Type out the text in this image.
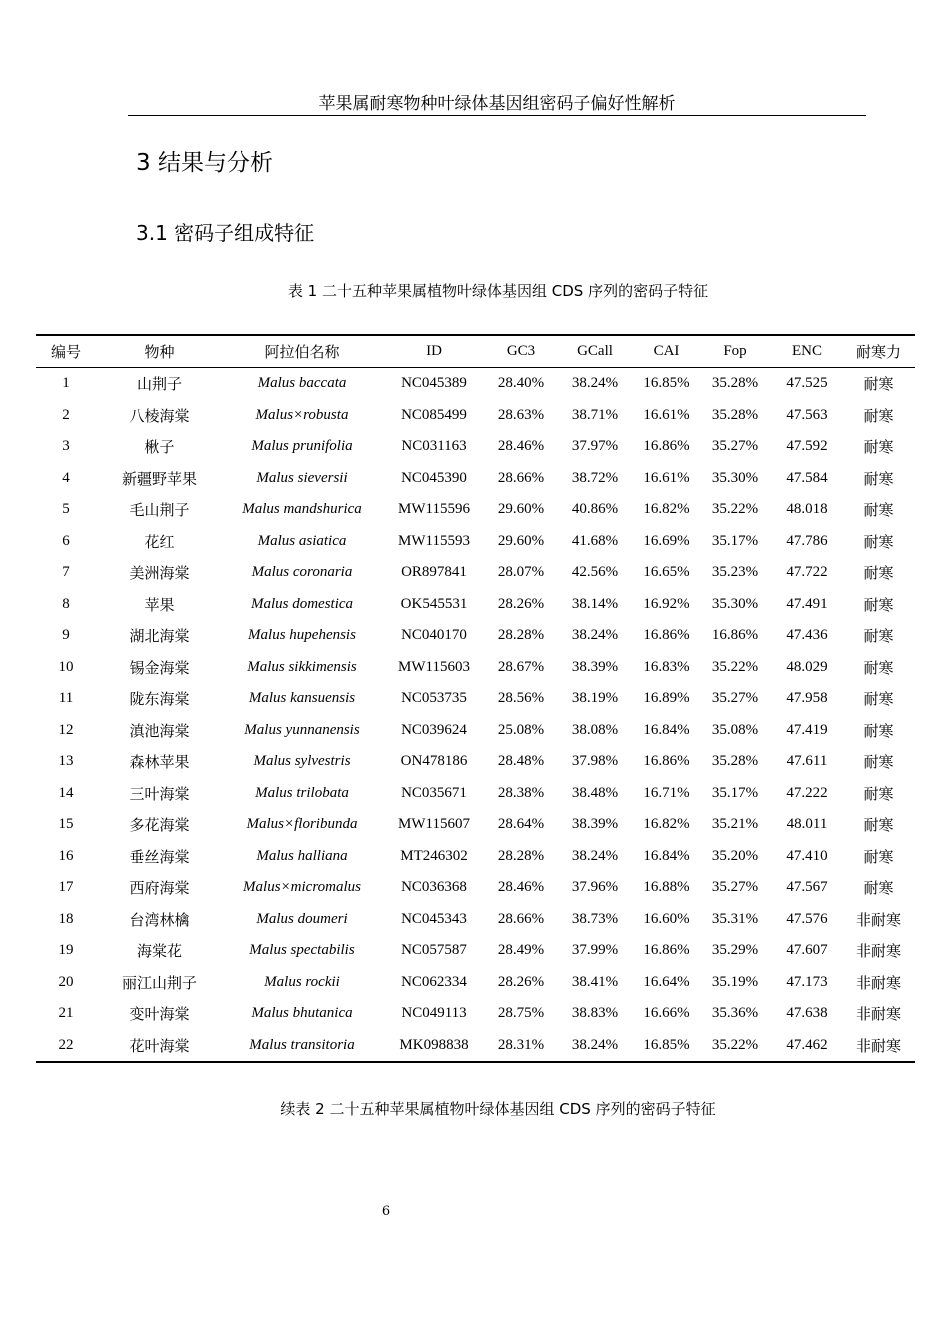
苹果属耐寒物种叶绿体基因组密码子偏好性解析
3 结果与分析
3.1 密码子组成特征
表 1 二十五种苹果属植物叶绿体基因组 CDS 序列的密码子特征
编号	物种	阿拉伯名称	ID	GC3	GCall	CAI	Fop	ENC	耐寒力
1	山荆子	Malus baccata	NC045389	28.40%	38.24%	16.85%	35.28%	47.525	耐寒
2	八棱海棠	Malus×robusta	NC085499	28.63%	38.71%	16.61%	35.28%	47.563	耐寒
3	楸子	Malus prunifolia	NC031163	28.46%	37.97%	16.86%	35.27%	47.592	耐寒
4	新疆野苹果	Malus sieversii	NC045390	28.66%	38.72%	16.61%	35.30%	47.584	耐寒
5	毛山荆子	Malus mandshurica	MW115596	29.60%	40.86%	16.82%	35.22%	48.018	耐寒
6	花红	Malus asiatica	MW115593	29.60%	41.68%	16.69%	35.17%	47.786	耐寒
7	美洲海棠	Malus coronaria	OR897841	28.07%	42.56%	16.65%	35.23%	47.722	耐寒
8	苹果	Malus domestica	OK545531	28.26%	38.14%	16.92%	35.30%	47.491	耐寒
9	湖北海棠	Malus hupehensis	NC040170	28.28%	38.24%	16.86%	16.86%	47.436	耐寒
10	锡金海棠	Malus sikkimensis	MW115603	28.67%	38.39%	16.83%	35.22%	48.029	耐寒
11	陇东海棠	Malus kansuensis	NC053735	28.56%	38.19%	16.89%	35.27%	47.958	耐寒
12	滇池海棠	Malus yunnanensis	NC039624	25.08%	38.08%	16.84%	35.08%	47.419	耐寒
13	森林苹果	Malus sylvestris	ON478186	28.48%	37.98%	16.86%	35.28%	47.611	耐寒
14	三叶海棠	Malus trilobata	NC035671	28.38%	38.48%	16.71%	35.17%	47.222	耐寒
15	多花海棠	Malus×floribunda	MW115607	28.64%	38.39%	16.82%	35.21%	48.011	耐寒
16	垂丝海棠	Malus halliana	MT246302	28.28%	38.24%	16.84%	35.20%	47.410	耐寒
17	西府海棠	Malus×micromalus	NC036368	28.46%	37.96%	16.88%	35.27%	47.567	耐寒
18	台湾林檎	Malus doumeri	NC045343	28.66%	38.73%	16.60%	35.31%	47.576	非耐寒
19	海棠花	Malus spectabilis	NC057587	28.49%	37.99%	16.86%	35.29%	47.607	非耐寒
20	丽江山荆子	Malus rockii	NC062334	28.26%	38.41%	16.64%	35.19%	47.173	非耐寒
21	变叶海棠	Malus bhutanica	NC049113	28.75%	38.83%	16.66%	35.36%	47.638	非耐寒
22	花叶海棠	Malus transitoria	MK098838	28.31%	38.24%	16.85%	35.22%	47.462	非耐寒
续表 2 二十五种苹果属植物叶绿体基因组 CDS 序列的密码子特征
6
